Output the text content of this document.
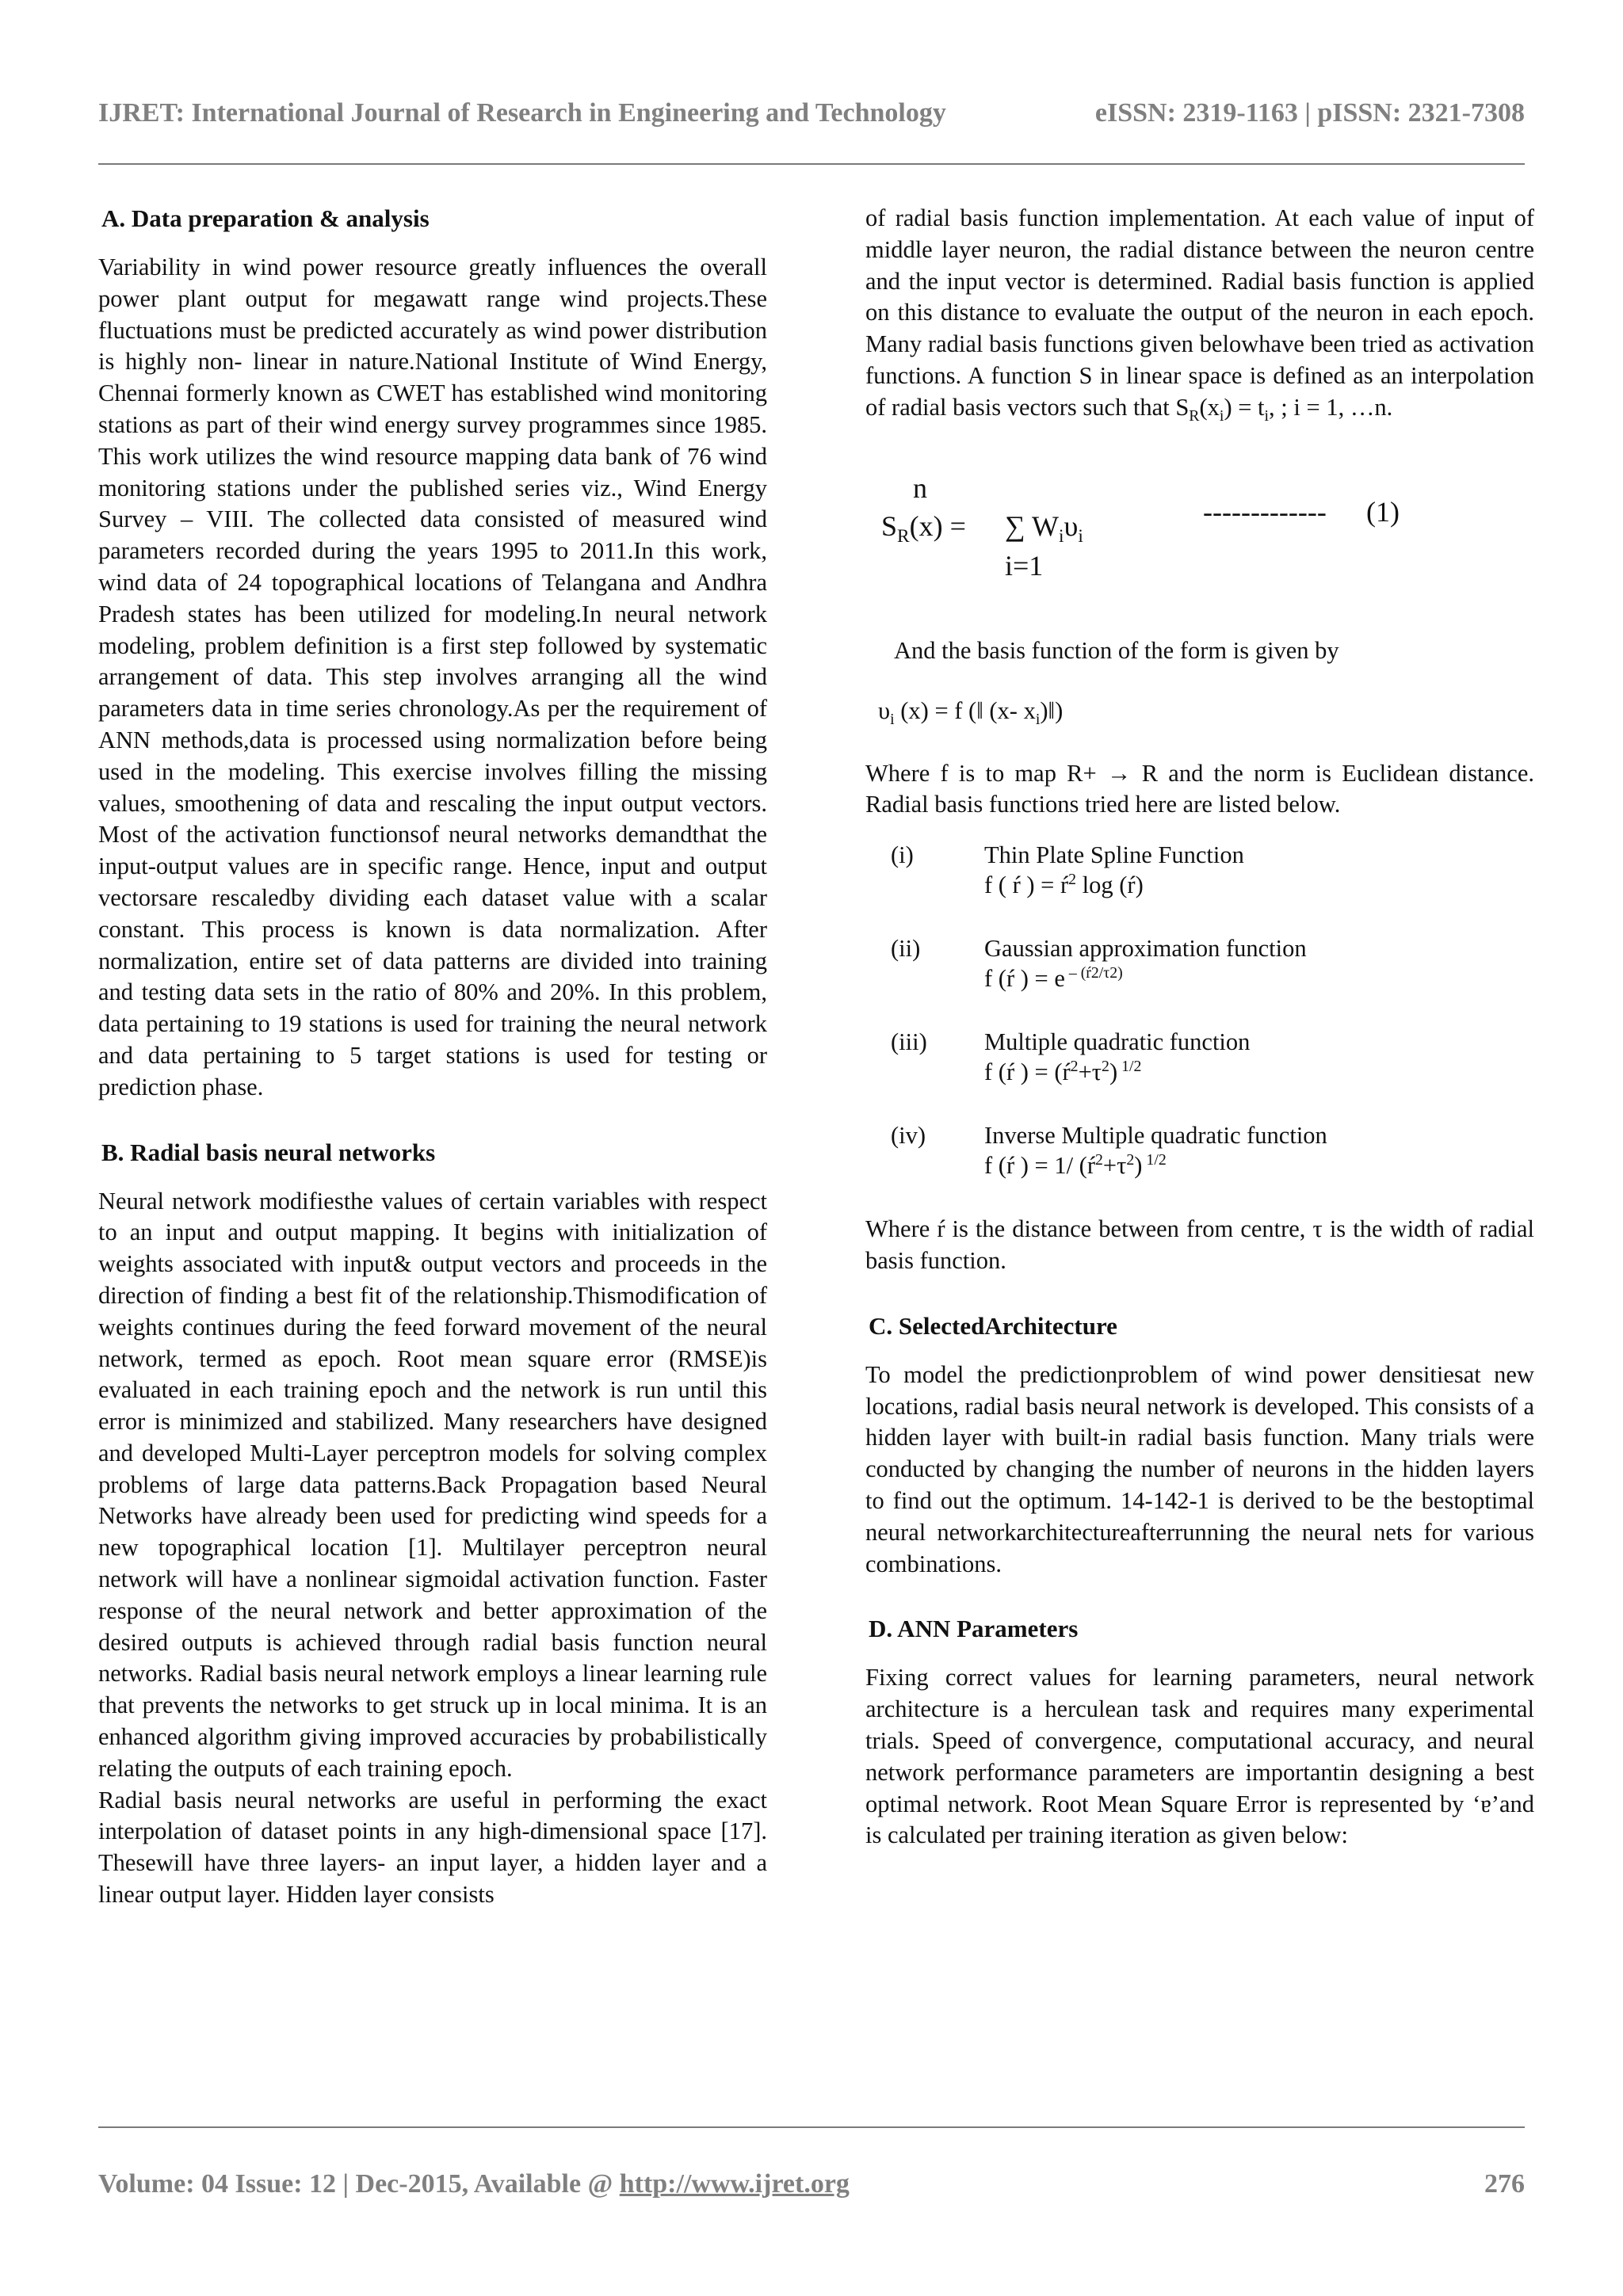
IJRET: International Journal of Research in Engineering and Technology	eISSN: 2319-1163 | pISSN: 2321-7308
A. Data preparation & analysis

Variability in wind power resource greatly influences the overall power plant output for megawatt range wind projects.These fluctuations must be predicted accurately as wind power distribution is highly non- linear in nature.National Institute of Wind Energy, Chennai formerly known as CWET has established wind monitoring stations as part of their wind energy survey programmes since 1985. This work utilizes the wind resource mapping data bank of 76 wind monitoring stations under the published series viz., Wind Energy Survey – VIII. The collected data consisted of measured wind parameters recorded during the years 1995 to 2011.In this work, wind data of 24 topographical locations of Telangana and Andhra Pradesh states has been utilized for modeling.In neural network modeling, problem definition is a first step followed by systematic arrangement of data. This step involves arranging all the wind parameters data in time series chronology.As per the requirement of ANN methods,data is processed using normalization before being used in the modeling. This exercise involves filling the missing values, smoothening of data and rescaling the input output vectors. Most of the activation functionsof neural networks demandthat the input-output values are in specific range. Hence, input and output vectorsare rescaledby dividing each dataset value with a scalar constant. This process is known is data normalization. After normalization, entire set of data patterns are divided into training and testing data sets in the ratio of 80% and 20%. In this problem, data pertaining to 19 stations is used for training the neural network and data pertaining to 5 target stations is used for testing or prediction phase.

B. Radial basis neural networks

Neural network modifiesthe values of certain variables with respect to an input and output mapping. It begins with initialization of weights associated with input& output vectors and proceeds in the direction of finding a best fit of the relationship.Thismodification of weights continues during the feed forward movement of the neural network, termed as epoch. Root mean square error (RMSE)is evaluated in each training epoch and the network is run until this error is minimized and stabilized. Many researchers have designed and developed Multi-Layer perceptron models for solving complex problems of large data patterns.Back Propagation based Neural Networks have already been used for predicting wind speeds for a new topographical location [1]. Multilayer perceptron neural network will have a nonlinear sigmoidal activation function. Faster response of the neural network and better approximation of the desired outputs is achieved through radial basis function neural networks. Radial basis neural network employs a linear learning rule that prevents the networks to get struck up in local minima. It is an enhanced algorithm giving improved accuracies by probabilistically relating the outputs of each training epoch.

Radial basis neural networks are useful in performing the exact interpolation of dataset points in any high-dimensional space [17]. Thesewill have three layers- an input layer, a hidden layer and a linear output layer. Hidden layer consists

of radial basis function implementation. At each value of input of middle layer neuron, the radial distance between the neuron centre and the input vector is determined. Radial basis function is applied on this distance to evaluate the output of the neuron in each epoch. Many radial basis functions given belowhave been tried as activation functions. A function S in linear space is defined as an interpolation of radial basis vectors such that $S_R(x_i) = t_i$, ; i = 1, …n.

n
$S_R(x)$ = ∑ $W_i\upsilon_i$
i=1
------------- (1)
And the basis function of the form is given by
$\upsilon_i$ (x) = f (‖ (x- $x_i)‖$)

Where f is to map R+ → R and the norm is Euclidean distance. Radial basis functions tried here are listed below.

(i)	Thin Plate Spline Function
f ( ŕ ) = $ŕ^2$ log (ŕ)
(ii)	Gaussian approximation function
f (ŕ ) = e $^{- (ŕ2/\tau 2)}$
(iii)	Multiple quadratic function
f (ŕ ) = $(ŕ^2+\tau^2)$ $^{1/2}$
(iv)	Inverse Multiple quadratic function
f (ŕ ) = 1/ $(ŕ^2+\tau^2)$ $^{1/2}$

Where ŕ is the distance between from centre, τ is the width of radial basis function.

C. SelectedArchitecture

To model the predictionproblem of wind power densitiesat new locations, radial basis neural network is developed. This consists of a hidden layer with built-in radial basis function. Many trials were conducted by changing the number of neurons in the hidden layers to find out the optimum. 14-142-1 is derived to be the bestoptimal neural networkarchitectureafterrunning the neural nets for various combinations.

D. ANN Parameters

Fixing correct values for learning parameters, neural network architecture is a herculean task and requires many experimental trials. Speed of convergence, computational accuracy, and neural network performance parameters are importantin designing a best optimal network. Root Mean Square Error is represented by ‘ɐ’and is calculated per training iteration as given below:

Volume: 04 Issue: 12 | Dec-2015, Available @ http://www.ijret.org	276
